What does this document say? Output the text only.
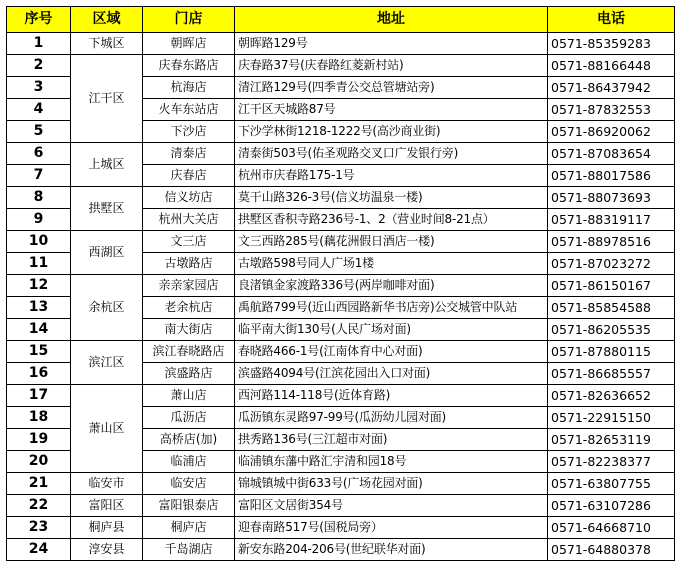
序号	区域	门店	地址	电话
1	下城区	朝晖店	朝晖路129号	0571-85359283
2	江干区	庆春东路店	庆春路37号(庆春路红菱新村站)	0571-88166448
3		杭海店	清江路129号(四季青公交总管塘站旁)	0571-86437942
4		火车东站店	江干区天城路87号	0571-87832553
5		下沙店	下沙学林街1218-1222号(高沙商业街)	0571-86920062
6	上城区	清泰店	清泰街503号(佑圣观路交叉口广发银行旁)	0571-87083654
7		庆春店	杭州市庆春路175-1号	0571-88017586
8	拱墅区	信义坊店	莫干山路326-3号(信义坊温泉一楼)	0571-88073693
9		杭州大关店	拱墅区香积寺路236号-1、2（营业时间8-21点）	0571-88319117
10	西湖区	文三店	文三西路285号(藕花洲假日酒店一楼)	0571-88978516
11		古墩路店	古墩路598号同人广场1楼	0571-87023272
12	余杭区	亲亲家园店	良渚镇金家渡路336号(两岸咖啡对面)	0571-86150167
13		老余杭店	禹航路799号(近山西园路新华书店旁)公交城管中队站	0571-85854588
14		南大街店	临平南大街130号(人民广场对面)	0571-86205535
15	滨江区	滨江春晓路店	春晓路466-1号(江南体育中心对面)	0571-87880115
16		滨盛路店	滨盛路4094号(江滨花园出入口对面)	0571-86685557
17	萧山区	萧山店	西河路114-118号(近体育路)	0571-82636652
18		瓜沥店	瓜沥镇东灵路97-99号(瓜沥幼儿园对面)	0571-22915150
19		高桥店(加)	拱秀路136号(三江超市对面)	0571-82653119
20		临浦店	临浦镇东藩中路汇宇清和园18号	0571-82238377
21	临安市	临安店	锦城镇城中街633号(广场花园对面)	0571-63807755
22	富阳区	富阳银泰店	富阳区文居街354号	0571-63107286
23	桐庐县	桐庐店	迎春南路517号(国税局旁）	0571-64668710
24	淳安县	千岛湖店	新安东路204-206号(世纪联华对面)	0571-64880378
